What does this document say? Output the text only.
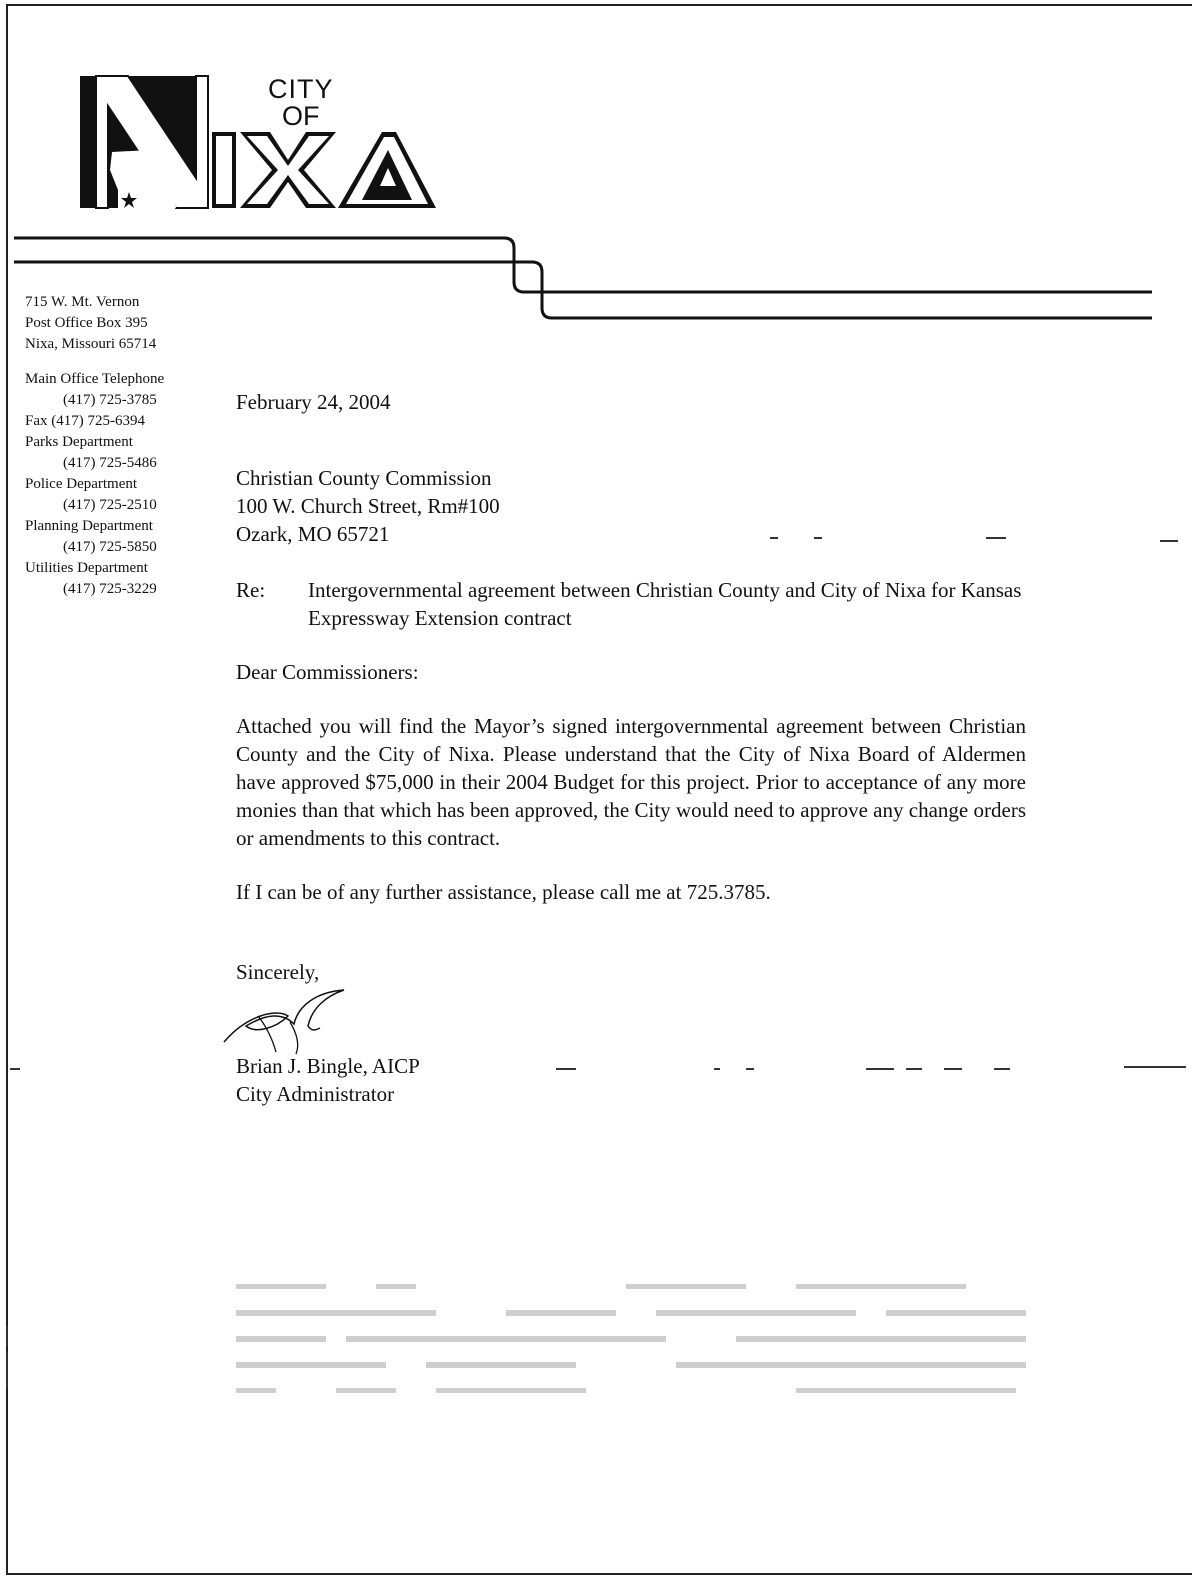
CITY
OF
715 W. Mt. Vernon
Post Office Box 395
Nixa, Missouri 65714
Main Office Telephone
(417) 725-3785
Fax (417) 725-6394
Parks Department
(417) 725-5486
Police Department
(417) 725-2510
Planning Department
(417) 725-5850
Utilities Department
(417) 725-3229

February 24, 2004

Christian County Commission

100 W. Church Street, Rm#100

Ozark, MO 65721

Re:	Intergovernmental agreement between Christian County and City of Nixa for Kansas Expressway Extension contract

Dear Commissioners:

Attached you will find the Mayor’s signed intergovernmental agreement between Christian County and the City of Nixa. Please understand that the City of Nixa Board of Aldermen have approved $75,000 in their 2004 Budget for this project. Prior to acceptance of any more monies than that which has been approved, the City would need to approve any change orders or amendments to this contract.

If I can be of any further assistance, please call me at 725.3785.

Sincerely,

Brian J. Bingle, AICP

City Administrator
